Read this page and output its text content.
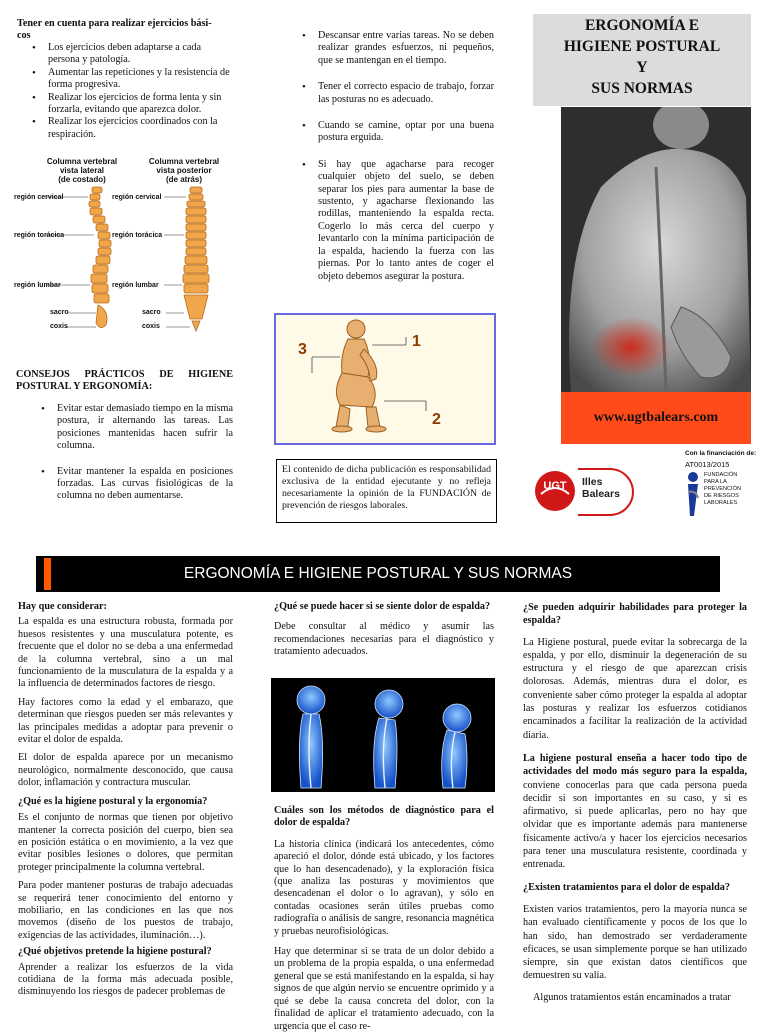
Tener en cuenta para realizar ejercicios bási-
cos
• Los ejercicios deben adaptarse a cada persona y patología.
• Aumentar las repeticiones y la resistencia de forma progresiva.
• Realizar los ejercicios de forma lenta y sin forzarla, evitando que aparezca dolor.
• Realizar los ejercicios coordinados con la respiración.
Columna vertebral
vista lateral
(de costado)
Columna vertebral
vista posterior
(de atrás)
región cervical
región torácica
región lumbar
sacro
coxis
región cervical
región torácica
región lumbar
sacro
coxis
CONSEJOS PRÁCTICOS DE HIGIENE POSTURAL Y ERGONOMÍA:
• Evitar estar demasiado tiempo en la misma postura, ir alternando las tareas. Las posiciones mantenidas hacen sufrir la columna.
• Evitar mantener la espalda en posiciones forzadas. Las curvas fisiológicas de la columna no deben aumentarse.
• Descansar entre varias tareas. No se deben realizar grandes esfuerzos, ni pequeños, que se mantengan en el tiempo.
• Tener el correcto espacio de trabajo, forzar las posturas no es adecuado.
• Cuando se camine, optar por una buena postura erguida.
• Si hay que agacharse para recoger cualquier objeto del suelo, se deben separar los pies para aumentar la base de sustento, y agacharse flexionando las rodillas, manteniendo la espalda recta. Cogerlo lo más cerca del cuerpo y levantarlo con la mínima participación de la espalda, haciendo la fuerza con las piernas. Por lo tanto antes de coger el objeto debemos asegurar la postura.
3	1
2
El contenido de dicha publicación es responsabilidad exclusiva de la entidad ejecutante y no refleja necesariamente la opinión de la FUNDACIÓN de prevención de riesgos laborales.
ERGONOMÍA E
HIGIENE POSTURAL
Y
SUS NORMAS
www.ugtbalears.com
Con la financiación de:
AT0013/2015
UGT	Illes
Balears
FUNDACIÓN
PARA LA
PREVENCIÓN
DE RIESGOS
LABORALES
ERGONOMÍA E HIGIENE POSTURAL Y SUS NORMAS

Hay que considerar:

La espalda es una estructura robusta, formada por huesos resistentes y una musculatura potente, es frecuente que el dolor no se deba a una enfermedad de la columna vertebral, sino a un mal funcionamiento de la musculatura de la espalda y a la influencia de determinados factores de riesgo.

Hay factores como la edad y el embarazo, que determinan que riesgos pueden ser más relevantes y las principales medidas a adoptar para prevenir o evitar el dolor de espalda.

El dolor de espalda aparece por un mecanismo neurológico, normalmente desconocido, que causa dolor, inflamación y contractura muscular.

¿Qué es la higiene postural y la ergonomía?

Es el conjunto de normas que tienen por objetivo mantener la correcta posición del cuerpo, bien sea en posición estática o en movimiento, a la vez que evitar posibles lesiones o dolores, que permitan proteger principalmente la columna vertebral.

Para poder mantener posturas de trabajo adecuadas se requerirá tener conocimiento del entorno y mobiliario, en las condiciones en las que nos movemos (diseño de los puestos de trabajo, exigencias de las actividades, iluminación…).

¿Qué objetivos pretende la higiene postural?

Aprender a realizar los esfuerzos de la vida cotidiana de la forma más adecuada posible, disminuyendo los riesgos de padecer problemas de

¿Qué se puede hacer si se siente dolor de espalda?

Debe consultar al médico y asumir las recomendaciones necesarias para el diagnóstico y tratamiento adecuados.

Cuáles son los métodos de diagnóstico para el dolor de espalda?

La historia clínica (indicará los antecedentes, cómo apareció el dolor, dónde está ubicado, y los factores que lo han desencadenado), y la exploración física (que analiza las posturas y movimientos que desencadenan el dolor o lo agravan), y sólo en contadas ocasiones serán útiles pruebas como radiografía o análisis de sangre, resonancia magnética y pruebas neurofisiológicas.

Hay que determinar si se trata de un dolor debido a un problema de la propia espalda, o una enfermedad general que se está manifestando en la espalda, si hay signos de que algún nervio se encuentre oprimido y a qué se debe la causa concreta del dolor, con la finalidad de aplicar el tratamiento adecuado, con la urgencia que el caso re-

¿Se pueden adquirir habilidades para proteger la espalda?

La Higiene postural, puede evitar la sobrecarga de la espalda, y por ello, disminuir la degeneración de su estructura y el riesgo de que aparezcan crisis dolorosas. Además, mientras dura el dolor, es conveniente saber cómo proteger la espalda al adoptar las posturas y realizar los esfuerzos cotidianos encaminados a facilitar la realización de la actividad diaria.

La higiene postural enseña a hacer todo tipo de actividades del modo más seguro para la espalda, conviene conocerlas para que cada persona pueda decidir si son importantes en su caso, y si es afirmativo, si puede aplicarlas, pero no hay que olvidar que es importante además para mantenerse físicamente activo/a y hacer los ejercicios necesarios para tener una musculatura resistente, coordinada y entrenada.

¿Existen tratamientos para el dolor de espalda?

Existen varios tratamientos, pero la mayoría nunca se han evaluado científicamente y pocos de los que lo han sido, han demostrado ser verdaderamente eficaces, se usan simplemente porque se han utilizado siempre, sin que existan datos científicos que demuestren su valía.

Algunos tratamientos están encaminados a tratar
